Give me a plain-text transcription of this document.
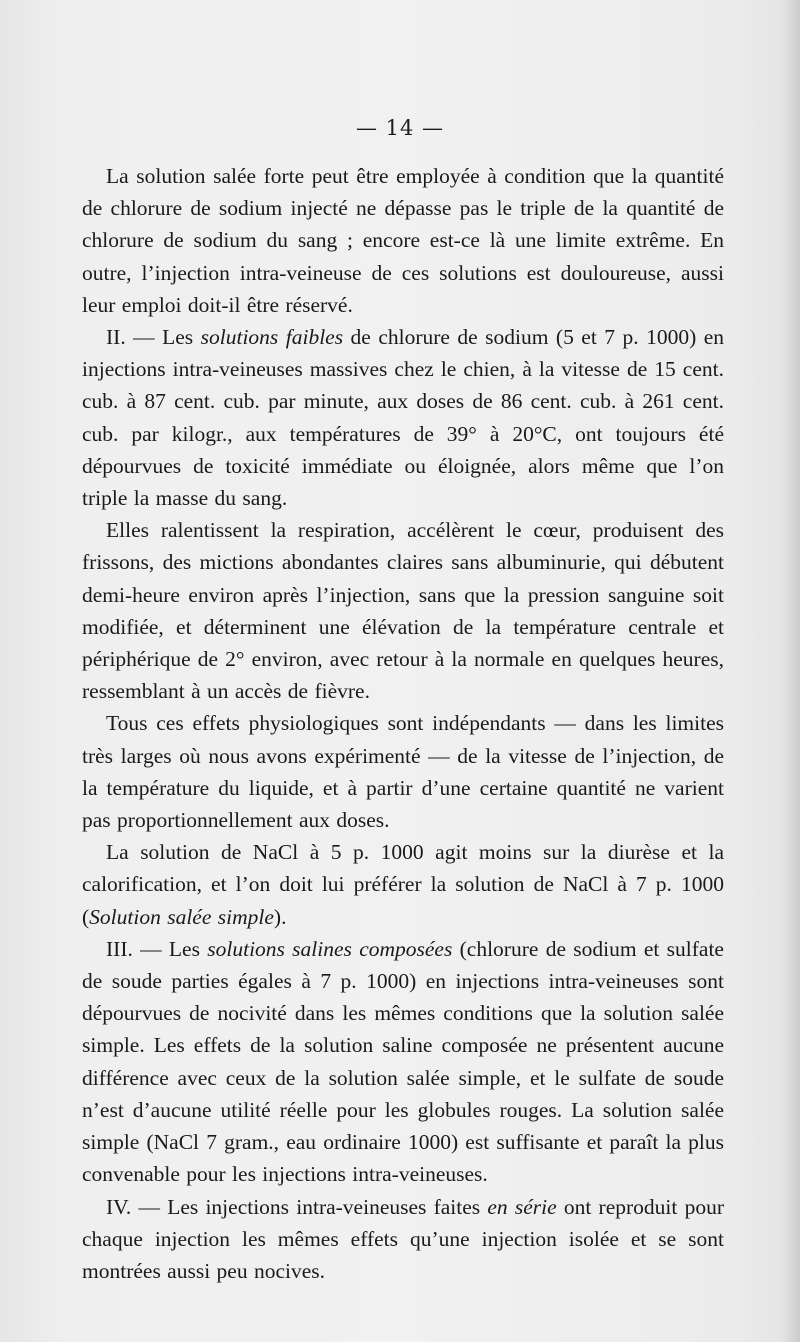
— 14 —

La solution salée forte peut être employée à condition que la quantité de chlorure de sodium injecté ne dépasse pas le triple de la quantité de chlorure de sodium du sang ; encore est-ce là une limite extrême. En outre, l’injection intra-veineuse de ces solutions est douloureuse, aussi leur emploi doit-il être réservé.

II. — Les solutions faibles de chlorure de sodium (5 et 7 p. 1000) en injections intra-veineuses massives chez le chien, à la vitesse de 15 cent. cub. à 87 cent. cub. par minute, aux doses de 86 cent. cub. à 261 cent. cub. par kilogr., aux températures de 39° à 20°C, ont toujours été dépourvues de toxicité immédiate ou éloignée, alors même que l’on triple la masse du sang.

Elles ralentissent la respiration, accélèrent le cœur, produisent des frissons, des mictions abondantes claires sans albuminurie, qui débutent demi-heure environ après l’injection, sans que la pression sanguine soit modifiée, et déterminent une élévation de la température centrale et périphérique de 2° environ, avec retour à la normale en quelques heures, ressemblant à un accès de fièvre.

Tous ces effets physiologiques sont indépendants — dans les limites très larges où nous avons expérimenté — de la vitesse de l’injection, de la température du liquide, et à partir d’une certaine quantité ne varient pas proportionnellement aux doses.

La solution de NaCl à 5 p. 1000 agit moins sur la diurèse et la calorification, et l’on doit lui préférer la solution de NaCl à 7 p. 1000 (Solution salée simple).

III. — Les solutions salines composées (chlorure de sodium et sulfate de soude parties égales à 7 p. 1000) en injections intra-veineuses sont dépourvues de nocivité dans les mêmes conditions que la solution salée simple. Les effets de la solution saline composée ne présentent aucune différence avec ceux de la solution salée simple, et le sulfate de soude n’est d’aucune utilité réelle pour les globules rouges. La solution salée simple (NaCl 7 gram., eau ordinaire 1000) est suffisante et paraît la plus convenable pour les injections intra-veineuses.

IV. — Les injections intra-veineuses faites en série ont reproduit pour chaque injection les mêmes effets qu’une injection isolée et se sont montrées aussi peu nocives.
